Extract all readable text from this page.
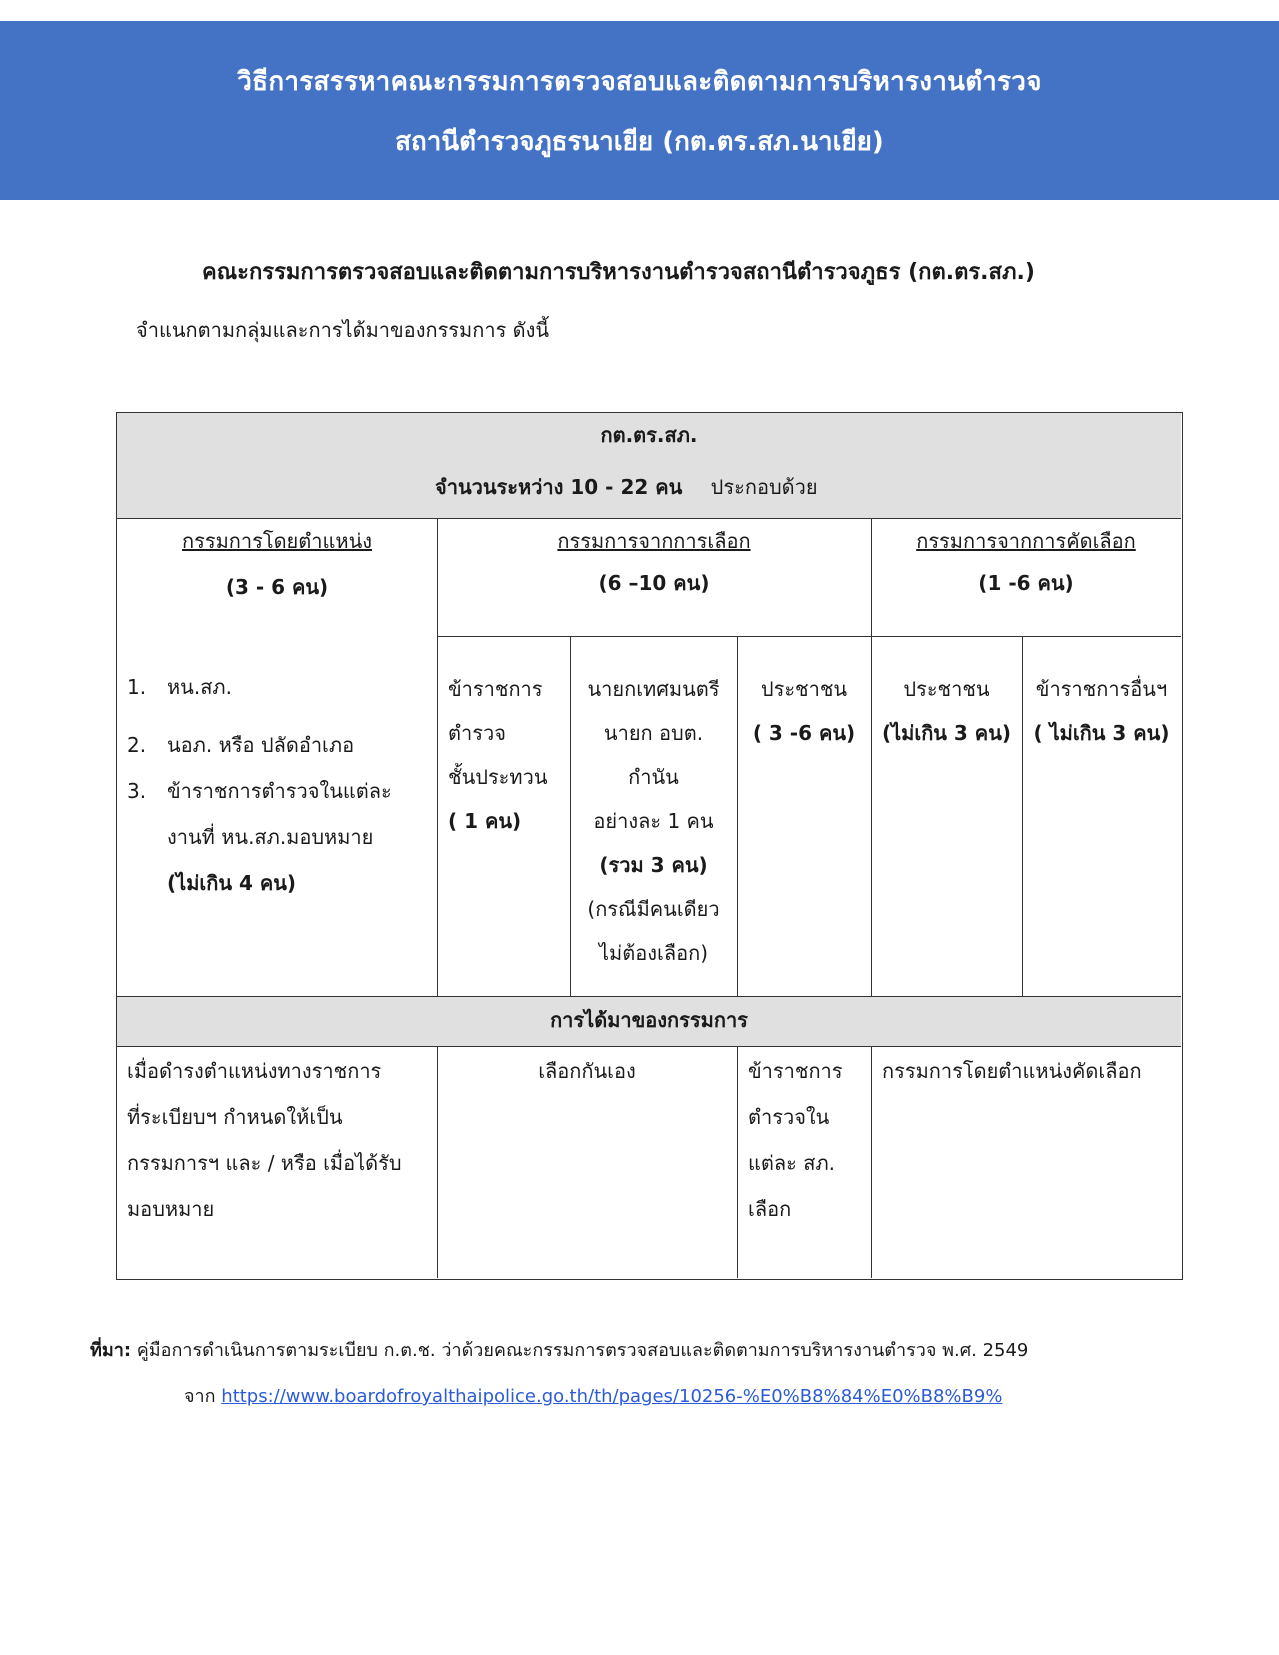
วิธีการสรรหาคณะกรรมการตรวจสอบและติดตามการบริหารงานตำรวจ
สถานีตำรวจภูธรนาเยีย (กต.ตร.สภ.นาเยีย)
คณะกรรมการตรวจสอบและติดตามการบริหารงานตำรวจสถานีตำรวจภูธร (กต.ตร.สภ.)
จำแนกตามกลุ่มและการได้มาของกรรมการ ดังนี้
กต.ตร.สภ.
จำนวนระหว่าง 10 - 22 คน ประกอบด้วย
กรรมการโดยตำแหน่ง
(3 - 6 คน)
กรรมการจากการเลือก
(6 –10 คน)
กรรมการจากการคัดเลือก
(1 -6 คน)
1. หน.สภ.
2. นอภ. หรือ ปลัดอำเภอ
3. ข้าราชการตำรวจในแต่ละ
งานที่ หน.สภ.มอบหมาย
(ไม่เกิน 4 คน)
ข้าราชการ
ตำรวจ
ชั้นประทวน
( 1 คน)
นายกเทศมนตรี
นายก อบต.
กำนัน
อย่างละ 1 คน
(รวม 3 คน)
(กรณีมีคนเดียว
ไม่ต้องเลือก)
ประชาชน
( 3 -6 คน)
ประชาชน
(ไม่เกิน 3 คน)
ข้าราชการอื่นฯ
( ไม่เกิน 3 คน)
การได้มาของกรรมการ
เมื่อดำรงตำแหน่งทางราชการ
ที่ระเบียบฯ กำหนดให้เป็น
กรรมการฯ และ / หรือ เมื่อได้รับ
มอบหมาย
เลือกกันเอง	ข้าราชการ
ตำรวจใน
แต่ละ สภ.
เลือก
กรรมการโดยตำแหน่งคัดเลือก
ที่มา: คู่มือการดำเนินการตามระเบียบ ก.ต.ช. ว่าด้วยคณะกรรมการตรวจสอบและติดตามการบริหารงานตำรวจ พ.ศ. 2549
จาก https://www.boardofroyalthaipolice.go.th/th/pages/10256-%E0%B8%84%E0%B8%B9%
